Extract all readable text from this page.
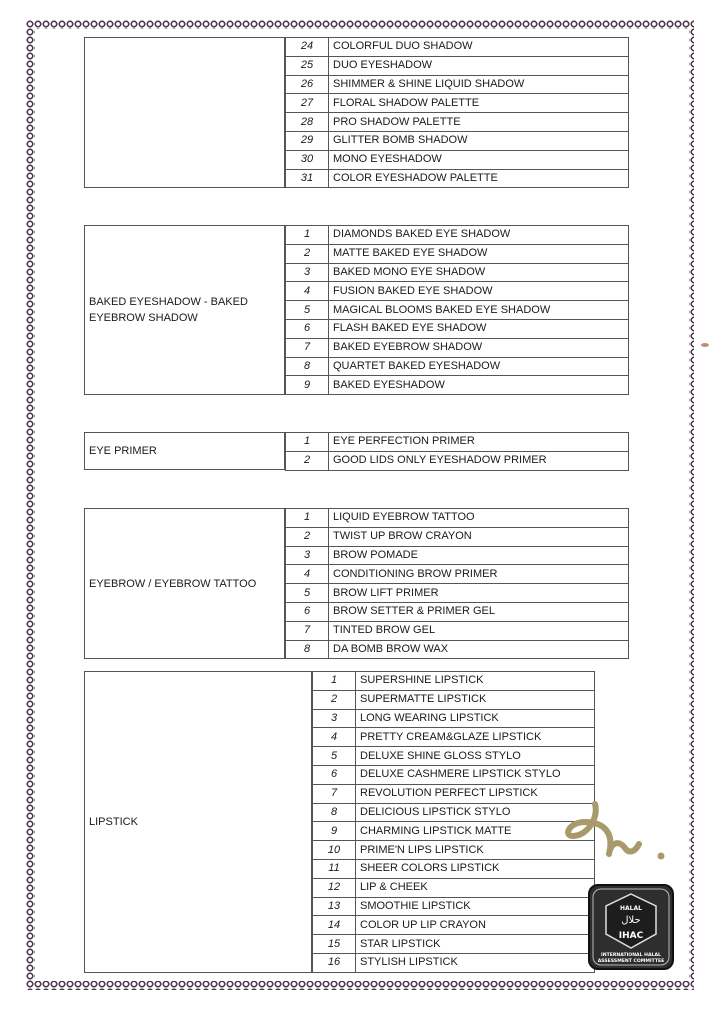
24	COLORFUL DUO SHADOW
25	DUO EYESHADOW
26	SHIMMER & SHINE LIQUID SHADOW
27	FLORAL SHADOW PALETTE
28	PRO SHADOW PALETTE
29	GLITTER BOMB SHADOW
30	MONO EYESHADOW
31	COLOR EYESHADOW PALETTE
BAKED EYESHADOW - BAKED
EYEBROW SHADOW
1	DIAMONDS BAKED EYE SHADOW
2	MATTE BAKED EYE SHADOW
3	BAKED MONO EYE SHADOW
4	FUSION BAKED EYE SHADOW
5	MAGICAL BLOOMS BAKED EYE SHADOW
6	FLASH BAKED EYE SHADOW
7	BAKED EYEBROW SHADOW
8	QUARTET BAKED EYESHADOW
9	BAKED EYESHADOW
EYE PRIMER
1	EYE PERFECTION PRIMER
2	GOOD LIDS ONLY EYESHADOW PRIMER
EYEBROW / EYEBROW TATTOO
1	LIQUID EYEBROW TATTOO
2	TWIST UP BROW CRAYON
3	BROW POMADE
4	CONDITIONING BROW PRIMER
5	BROW LIFT PRIMER
6	BROW SETTER & PRIMER GEL
7	TINTED BROW GEL
8	DA BOMB BROW WAX
LIPSTICK
1	SUPERSHINE LIPSTICK
2	SUPERMATTE LIPSTICK
3	LONG WEARING LIPSTICK
4	PRETTY CREAM&GLAZE LIPSTICK
5	DELUXE SHINE GLOSS STYLO
6	DELUXE CASHMERE LIPSTICK STYLO
7	REVOLUTION PERFECT LIPSTICK
8	DELICIOUS LIPSTICK STYLO
9	CHARMING LIPSTICK MATTE
10	PRIME'N LIPS LIPSTICK
11	SHEER COLORS LIPSTICK
12	LIP & CHEEK
13	SMOOTHIE LIPSTICK
14	COLOR UP LIP CRAYON
15	STAR LIPSTICK
16	STYLISH LIPSTICK
HALAL
حلال
IHAC
INTERNATIONAL HALAL
ASSESSMENT COMMITTEE
